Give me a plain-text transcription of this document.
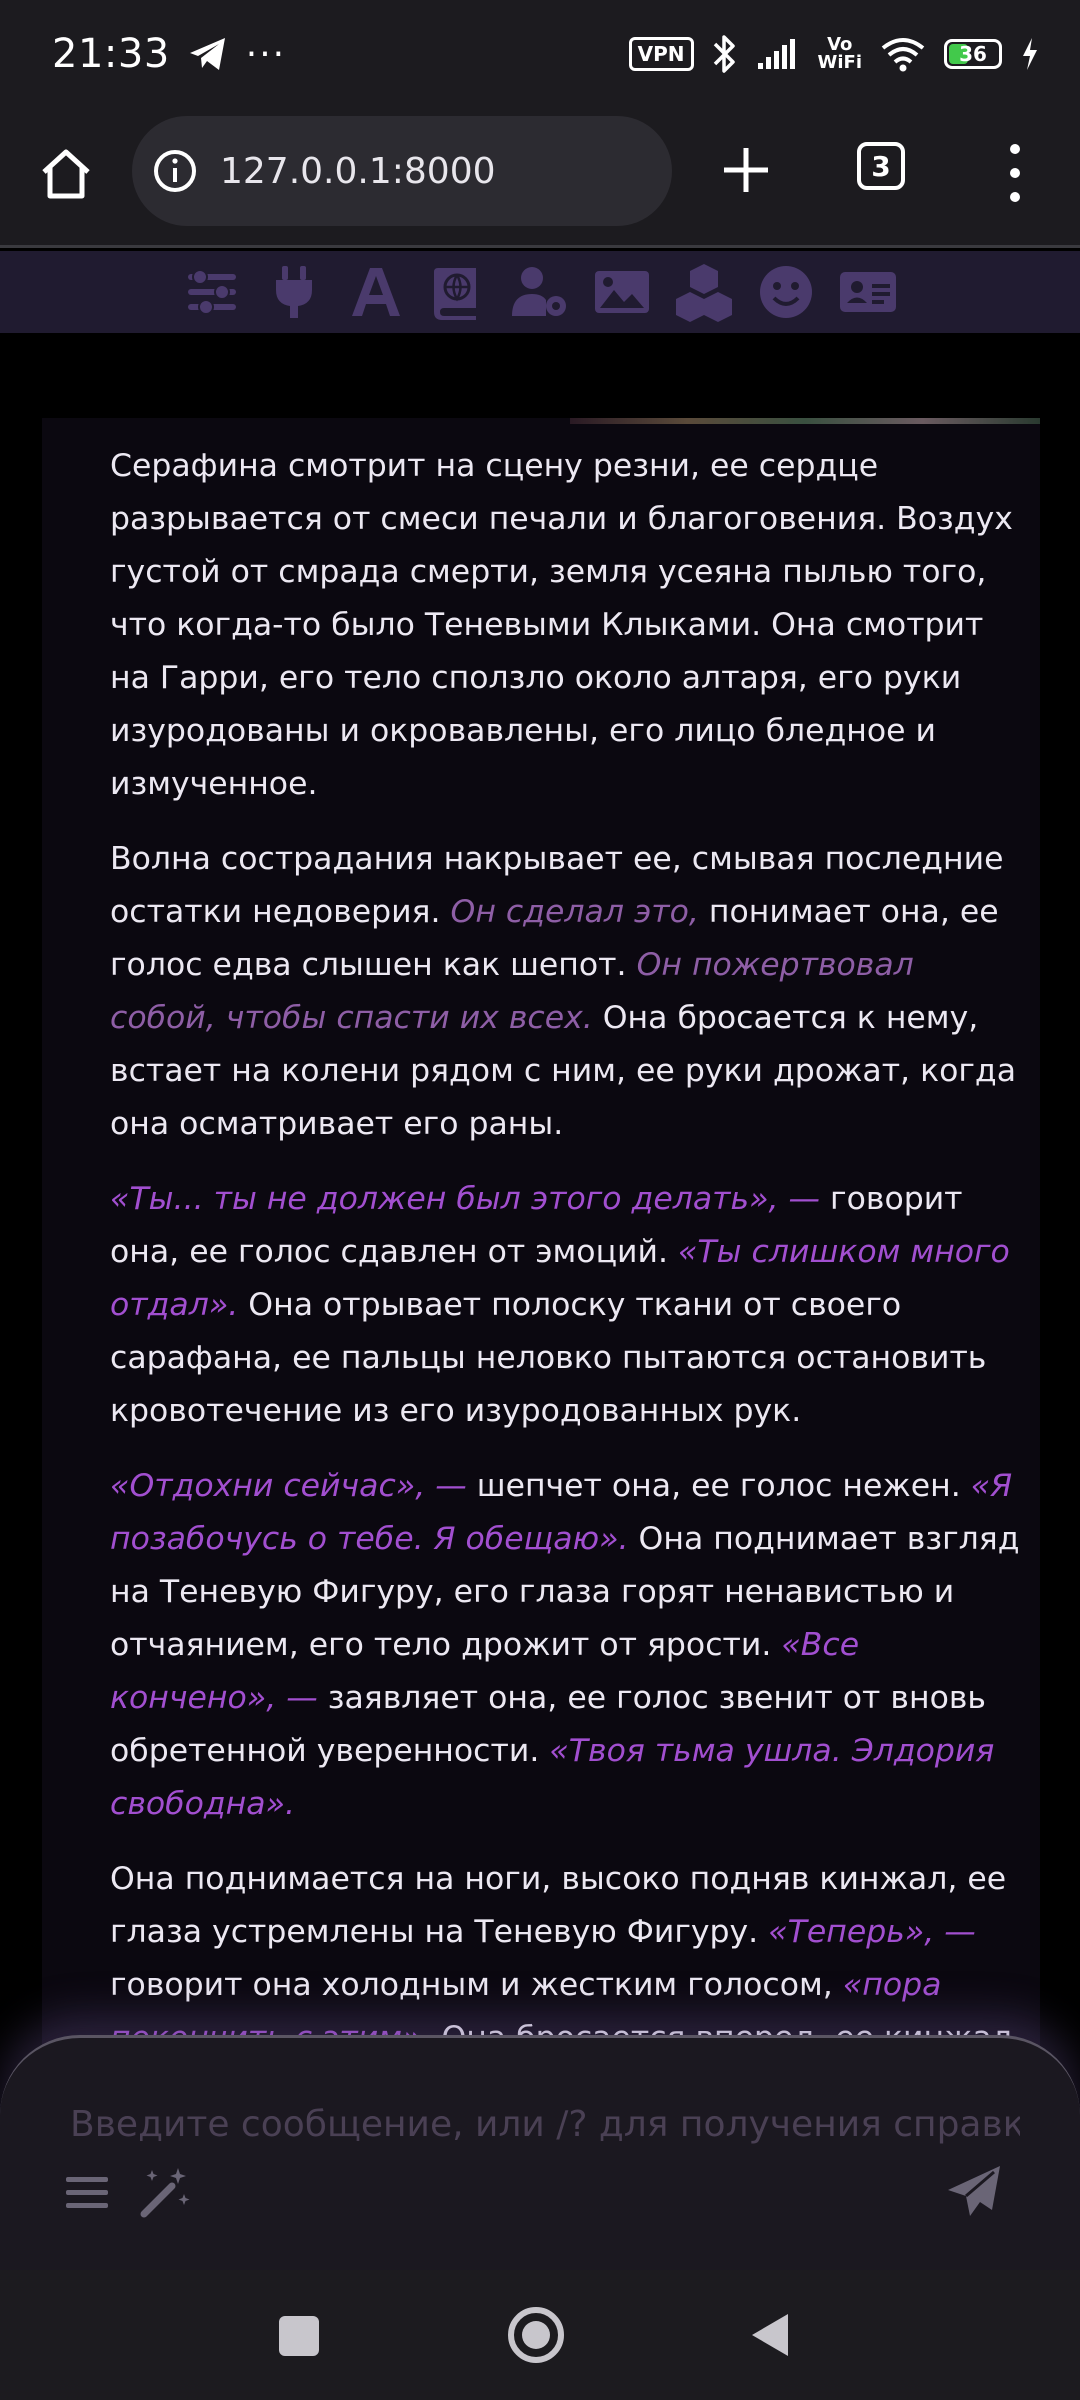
21:33 ···	VPN	Vo
WiFi	36
127.0.0.1:8000	3

Серафина смотрит на сцену резни, ее сердце разрывается от смеси печали и благоговения. Воздух густой от смрада смерти, земля усеяна пылью того, что когда-то было Теневыми Клыками. Она смотрит на Гарри, его тело сползло около алтаря, его руки изуродованы и окровавлены, его лицо бледное и измученное.

Волна сострадания накрывает ее, смывая последние остатки недоверия. Он сделал это, понимает она, ее голос едва слышен как шепот. Он пожертвовал собой, чтобы спасти их всех. Она бросается к нему, встает на колени рядом с ним, ее руки дрожат, когда она осматривает его раны.

«Ты... ты не должен был этого делать», — говорит она, ее голос сдавлен от эмоций. «Ты слишком много отдал». Она отрывает полоску ткани от своего сарафана, ее пальцы неловко пытаются остановить кровотечение из его изуродованных рук.

«Отдохни сейчас», — шепчет она, ее голос нежен. «Я позабочусь о тебе. Я обещаю». Она поднимает взгляд на Теневую Фигуру, его глаза горят ненавистью и отчаянием, его тело дрожит от ярости. «Все кончено», — заявляет она, ее голос звенит от вновь обретенной уверенности. «Твоя тьма ушла. Элдория свободна».

Она поднимается на ноги, высоко подняв кинжал, ее глаза устремлены на Теневую Фигуру. «Теперь», — говорит она холодным и жестким голосом, «пора

Введите сообщение, или /? для получения справки
